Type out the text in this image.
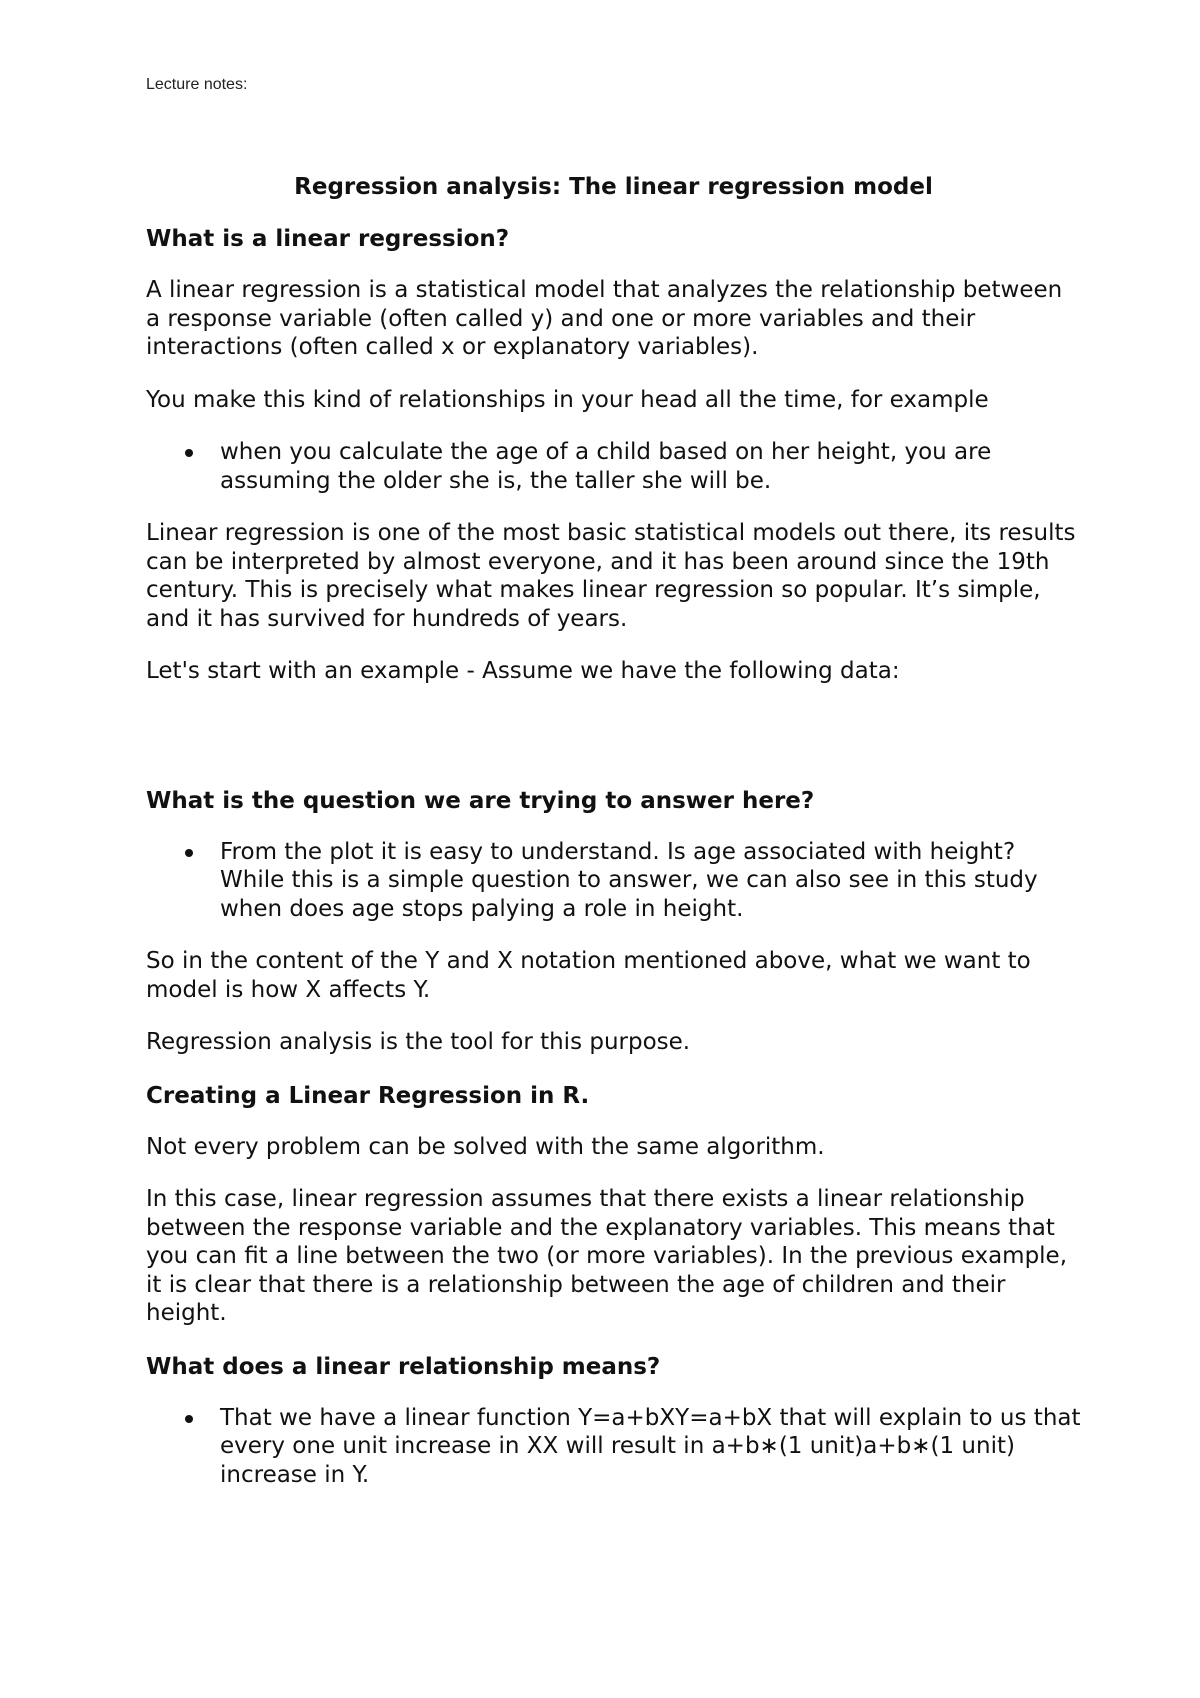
Lecture notes:
Regression analysis: The linear regression model
What is a linear regression?

A linear regression is a statistical model that analyzes the relationship between a response variable (often called y) and one or more variables and their interactions (often called x or explanatory variables).

You make this kind of relationships in your head all the time, for example

when you calculate the age of a child based on her height, you are assuming the older she is, the taller she will be.

Linear regression is one of the most basic statistical models out there, its results can be interpreted by almost everyone, and it has been around since the 19th century. This is precisely what makes linear regression so popular. It’s simple, and it has survived for hundreds of years.

Let's start with an example - Assume we have the following data:

What is the question we are trying to answer here?
From the plot it is easy to understand. Is age associated with height? While this is a simple question to answer, we can also see in this study when does age stops palying a role in height.

So in the content of the Y and X notation mentioned above, what we want to model is how X affects Y.

Regression analysis is the tool for this purpose.

Creating a Linear Regression in R.

Not every problem can be solved with the same algorithm.

In this case, linear regression assumes that there exists a linear relationship between the response variable and the explanatory variables. This means that you can fit a line between the two (or more variables). In the previous example, it is clear that there is a relationship between the age of children and their height.

What does a linear relationship means?
That we have a linear function Y=a+bXY=a+bX that will explain to us that every one unit increase in XX will result in a+b∗(1 unit)a+b∗(1 unit) increase in Y.
